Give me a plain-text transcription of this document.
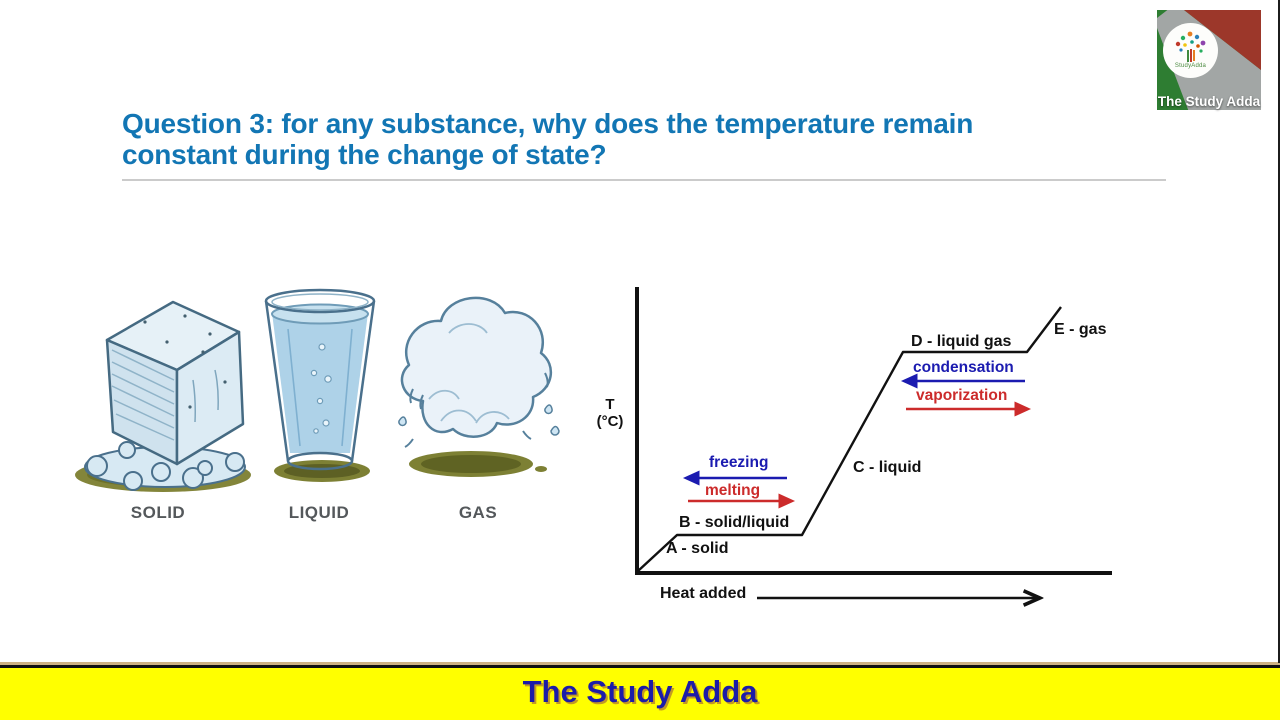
StudyAdda
The Study Adda
Question 3: for any substance, why does the temperature remain
constant during the change of state?
SOLID	LIQUID	GAS
T
(°C)
A - solid
B - solid/liquid
freezing
melting
C - liquid
D - liquid gas
condensation
vaporization
E - gas
Heat added
The Study Adda
